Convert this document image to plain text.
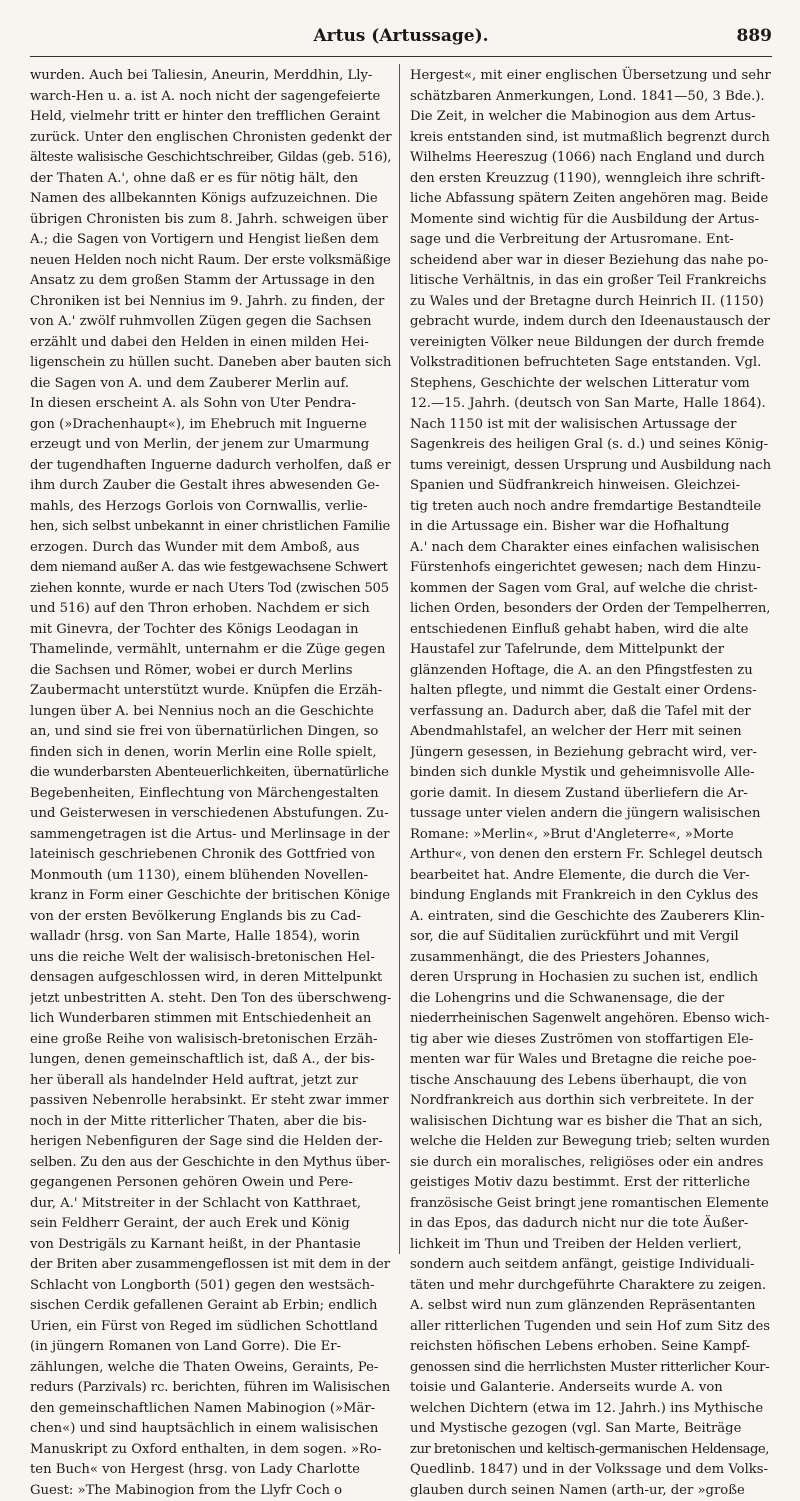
Artus (Artussage).	889
wurden. Auch bei Taliesin, Aneurin, Merddhin, Lly-
warch-Hen u. a. ist A. noch nicht der sagengefeierte
Held, vielmehr tritt er hinter den trefflichen Geraint
zurück. Unter den englischen Chronisten gedenkt der
älteste walisische Geschichtschreiber, Gildas (geb. 516),
der Thaten A.', ohne daß er es für nötig hält, den
Namen des allbekannten Königs aufzuzeichnen. Die
übrigen Chronisten bis zum 8. Jahrh. schweigen über
A.; die Sagen von Vortigern und Hengist ließen dem
neuen Helden noch nicht Raum. Der erste volksmäßige
Ansatz zu dem großen Stamm der Artussage in den
Chroniken ist bei Nennius im 9. Jahrh. zu finden, der
von A.' zwölf ruhmvollen Zügen gegen die Sachsen
erzählt und dabei den Helden in einen milden Hei-
ligenschein zu hüllen sucht. Daneben aber bauten sich
die Sagen von A. und dem Zauberer Merlin auf.
In diesen erscheint A. als Sohn von Uter Pendra-
gon (»Drachenhaupt«), im Ehebruch mit Inguerne
erzeugt und von Merlin, der jenem zur Umarmung
der tugendhaften Inguerne dadurch verholfen, daß er
ihm durch Zauber die Gestalt ihres abwesenden Ge-
mahls, des Herzogs Gorlois von Cornwallis, verlie-
hen, sich selbst unbekannt in einer christlichen Familie
erzogen. Durch das Wunder mit dem Amboß, aus
dem niemand außer A. das wie festgewachsene Schwert
ziehen konnte, wurde er nach Uters Tod (zwischen 505
und 516) auf den Thron erhoben. Nachdem er sich
mit Ginevra, der Tochter des Königs Leodagan in
Thamelinde, vermählt, unternahm er die Züge gegen
die Sachsen und Römer, wobei er durch Merlins
Zaubermacht unterstützt wurde. Knüpfen die Erzäh-
lungen über A. bei Nennius noch an die Geschichte
an, und sind sie frei von übernatürlichen Dingen, so
finden sich in denen, worin Merlin eine Rolle spielt,
die wunderbarsten Abenteuerlichkeiten, übernatürliche
Begebenheiten, Einflechtung von Märchengestalten
und Geisterwesen in verschiedenen Abstufungen. Zu-
sammengetragen ist die Artus- und Merlinsage in der
lateinisch geschriebenen Chronik des Gottfried von
Monmouth (um 1130), einem blühenden Novellen-
kranz in Form einer Geschichte der britischen Könige
von der ersten Bevölkerung Englands bis zu Cad-
walladr (hrsg. von San Marte, Halle 1854), worin
uns die reiche Welt der walisisch-bretonischen Hel-
densagen aufgeschlossen wird, in deren Mittelpunkt
jetzt unbestritten A. steht. Den Ton des überschweng-
lich Wunderbaren stimmen mit Entschiedenheit an
eine große Reihe von walisisch-bretonischen Erzäh-
lungen, denen gemeinschaftlich ist, daß A., der bis-
her überall als handelnder Held auftrat, jetzt zur
passiven Nebenrolle herabsinkt. Er steht zwar immer
noch in der Mitte ritterlicher Thaten, aber die bis-
herigen Nebenfiguren der Sage sind die Helden der-
selben. Zu den aus der Geschichte in den Mythus über-
gegangenen Personen gehören Owein und Pere-
dur, A.' Mitstreiter in der Schlacht von Katthraet,
sein Feldherr Geraint, der auch Erek und König
von Destrigäls zu Karnant heißt, in der Phantasie
der Briten aber zusammengeflossen ist mit dem in der
Schlacht von Longborth (501) gegen den westsäch-
sischen Cerdik gefallenen Geraint ab Erbin; endlich
Urien, ein Fürst von Reged im südlichen Schottland
(in jüngern Romanen von Land Gorre). Die Er-
zählungen, welche die Thaten Oweins, Geraints, Pe-
redurs (Parzivals) rc. berichten, führen im Walisischen
den gemeinschaftlichen Namen Mabinogion (»Mär-
chen«) und sind hauptsächlich in einem walisischen
Manuskript zu Oxford enthalten, in dem sogen. »Ro-
ten Buch« von Hergest (hrsg. von Lady Charlotte
Guest: »The Mabinogion from the Llyfr Coch o
Hergest«, mit einer englischen Übersetzung und sehr
schätzbaren Anmerkungen, Lond. 1841—50, 3 Bde.).
Die Zeit, in welcher die Mabinogion aus dem Artus-
kreis entstanden sind, ist mutmaßlich begrenzt durch
Wilhelms Heereszug (1066) nach England und durch
den ersten Kreuzzug (1190), wenngleich ihre schrift-
liche Abfassung spätern Zeiten angehören mag. Beide
Momente sind wichtig für die Ausbildung der Artus-
sage und die Verbreitung der Artusromane. Ent-
scheidend aber war in dieser Beziehung das nahe po-
litische Verhältnis, in das ein großer Teil Frankreichs
zu Wales und der Bretagne durch Heinrich II. (1150)
gebracht wurde, indem durch den Ideenaustausch der
vereinigten Völker neue Bildungen der durch fremde
Volkstraditionen befruchteten Sage entstanden. Vgl.
Stephens, Geschichte der welschen Litteratur vom
12.—15. Jahrh. (deutsch von San Marte, Halle 1864).
Nach 1150 ist mit der walisischen Artussage der
Sagenkreis des heiligen Gral (s. d.) und seines König-
tums vereinigt, dessen Ursprung und Ausbildung nach
Spanien und Südfrankreich hinweisen. Gleichzei-
tig treten auch noch andre fremdartige Bestandteile
in die Artussage ein. Bisher war die Hofhaltung
A.' nach dem Charakter eines einfachen walisischen
Fürstenhofs eingerichtet gewesen; nach dem Hinzu-
kommen der Sagen vom Gral, auf welche die christ-
lichen Orden, besonders der Orden der Tempelherren,
entschiedenen Einfluß gehabt haben, wird die alte
Haustafel zur Tafelrunde, dem Mittelpunkt der
glänzenden Hoftage, die A. an den Pfingstfesten zu
halten pflegte, und nimmt die Gestalt einer Ordens-
verfassung an. Dadurch aber, daß die Tafel mit der
Abendmahlstafel, an welcher der Herr mit seinen
Jüngern gesessen, in Beziehung gebracht wird, ver-
binden sich dunkle Mystik und geheimnisvolle Alle-
gorie damit. In diesem Zustand überliefern die Ar-
tussage unter vielen andern die jüngern walisischen
Romane: »Merlin«, »Brut d'Angleterre«, »Morte
Arthur«, von denen den erstern Fr. Schlegel deutsch
bearbeitet hat. Andre Elemente, die durch die Ver-
bindung Englands mit Frankreich in den Cyklus des
A. eintraten, sind die Geschichte des Zauberers Klin-
sor, die auf Süditalien zurückführt und mit Vergil
zusammenhängt, die des Priesters Johannes,
deren Ursprung in Hochasien zu suchen ist, endlich
die Lohengrins und die Schwanensage, die der
niederrheinischen Sagenwelt angehören. Ebenso wich-
tig aber wie dieses Zuströmen von stoffartigen Ele-
menten war für Wales und Bretagne die reiche poe-
tische Anschauung des Lebens überhaupt, die von
Nordfrankreich aus dorthin sich verbreitete. In der
walisischen Dichtung war es bisher die That an sich,
welche die Helden zur Bewegung trieb; selten wurden
sie durch ein moralisches, religiöses oder ein andres
geistiges Motiv dazu bestimmt. Erst der ritterliche
französische Geist bringt jene romantischen Elemente
in das Epos, das dadurch nicht nur die tote Äußer-
lichkeit im Thun und Treiben der Helden verliert,
sondern auch seitdem anfängt, geistige Individuali-
täten und mehr durchgeführte Charaktere zu zeigen.
A. selbst wird nun zum glänzenden Repräsentanten
aller ritterlichen Tugenden und sein Hof zum Sitz des
reichsten höfischen Lebens erhoben. Seine Kampf-
genossen sind die herrlichsten Muster ritterlicher Kour-
toisie und Galanterie. Anderseits wurde A. von
welchen Dichtern (etwa im 12. Jahrh.) ins Mythische
und Mystische gezogen (vgl. San Marte, Beiträge
zur bretonischen und keltisch-germanischen Heldensage,
Quedlinb. 1847) und in der Volkssage und dem Volks-
glauben durch seinen Namen (arth-ur, der »große
